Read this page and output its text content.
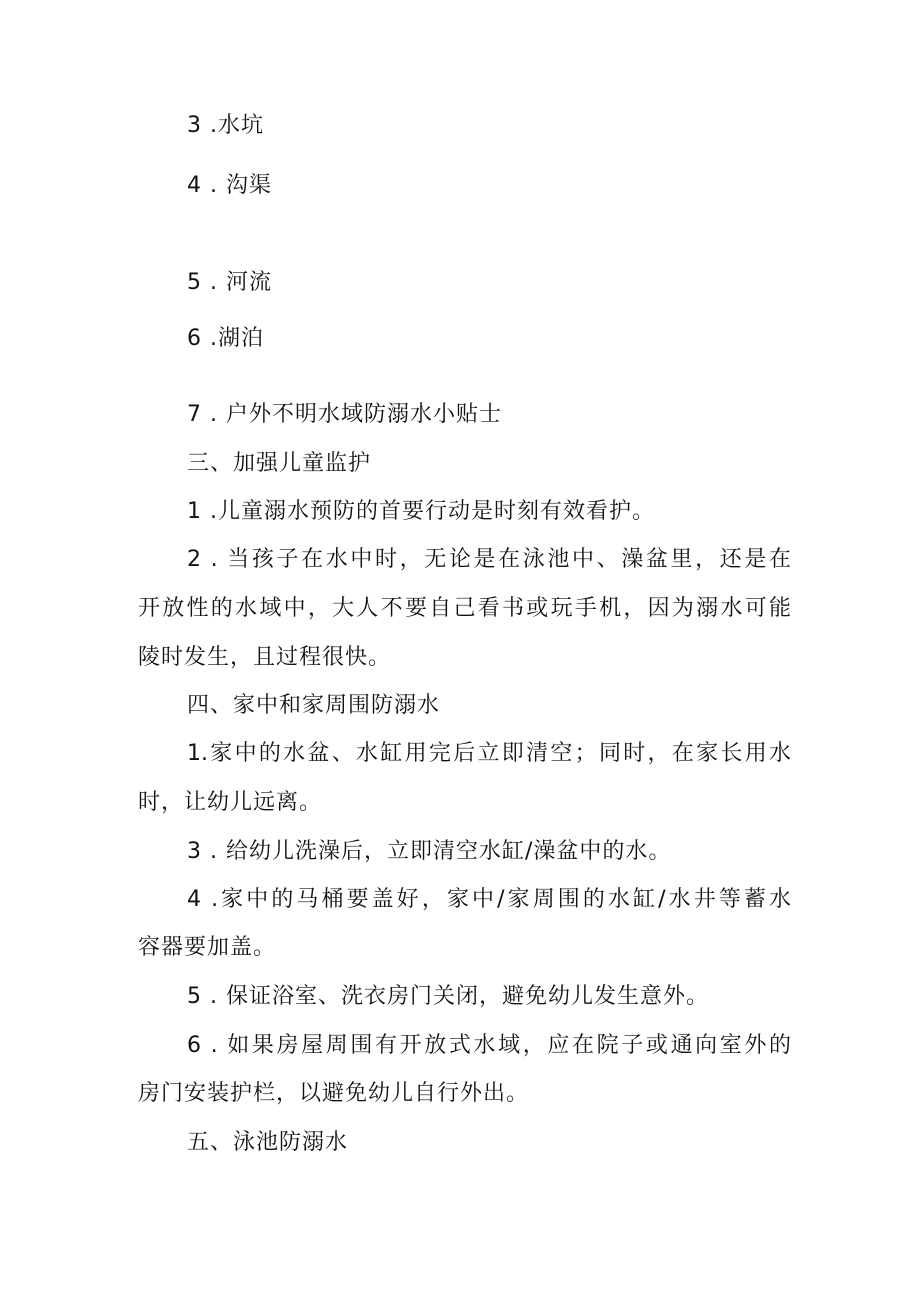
3 .水坑
4 . 沟渠
5 . 河流
6 .湖泊
7 . 户外不明水域防溺水小贴士
三、加强儿童监护
1 .儿童溺水预防的首要行动是时刻有效看护。
2 . 当孩子在水中时，无论是在泳池中、澡盆里，还是在
开放性的水域中，大人不要自己看书或玩手机，因为溺水可能
陵时发生，且过程很快。
四、家中和家周围防溺水
1.家中的水盆、水缸用完后立即清空；同时，在家长用水
时，让幼儿远离。
3 . 给幼儿洗澡后，立即清空水缸/澡盆中的水。
4 .家中的马桶要盖好，家中/家周围的水缸/水井等蓄水
容器要加盖。
5 . 保证浴室、洗衣房门关闭，避免幼儿发生意外。
6 . 如果房屋周围有开放式水域，应在院子或通向室外的
房门安装护栏，以避免幼儿自行外出。
五、泳池防溺水
